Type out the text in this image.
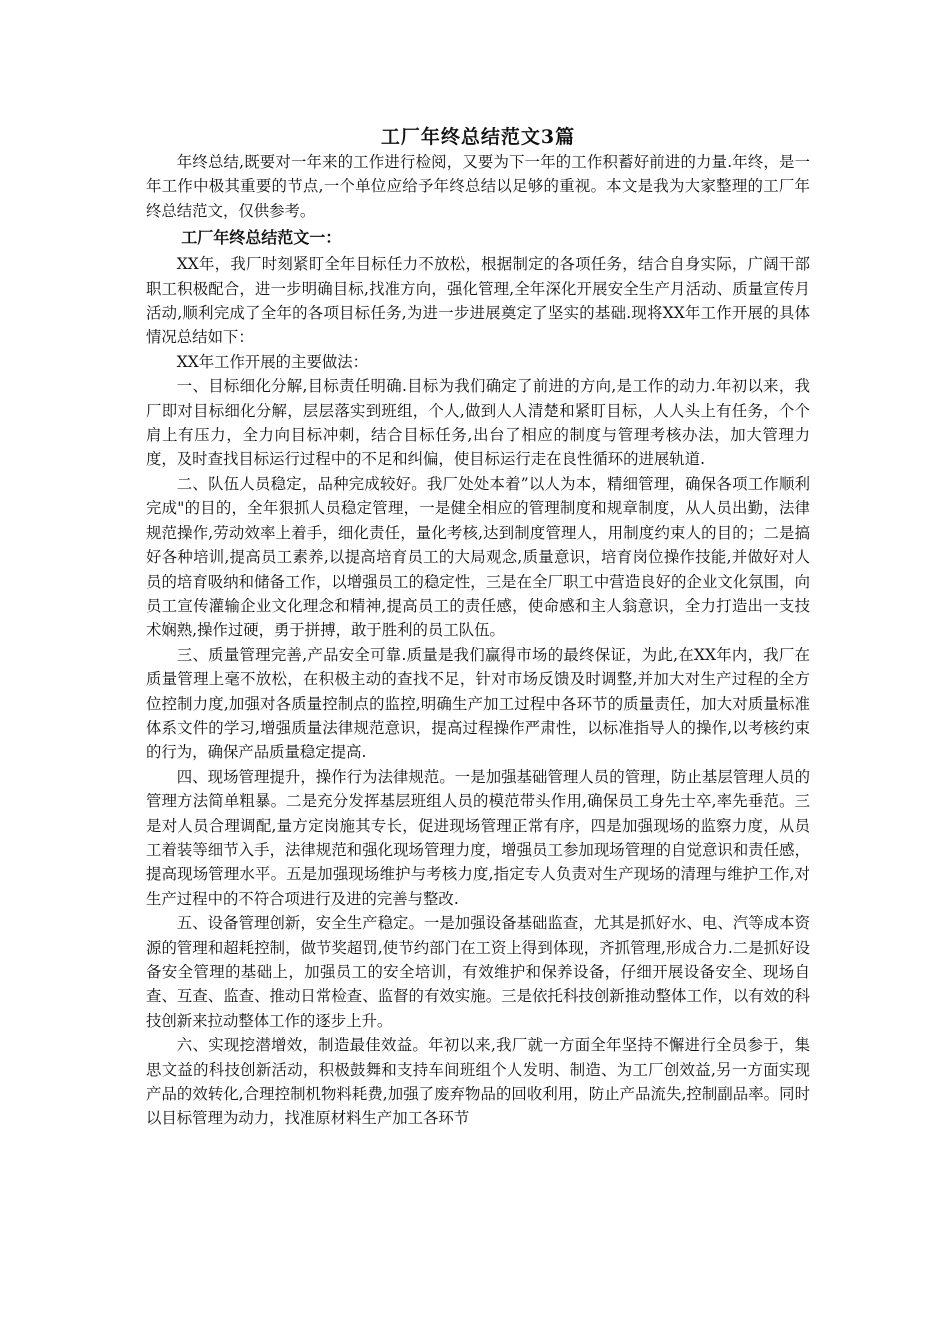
工厂年终总结范文3篇

年终总结,既要对一年来的工作进行检阅，又要为下一年的工作积蓄好前进的力量.年终，是一年工作中极其重要的节点,一个单位应给予年终总结以足够的重视。本文是我为大家整理的工厂年终总结范文，仅供参考。

工厂年终总结范文一：

XX年，我厂时刻紧盯全年目标任力不放松，根据制定的各项任务，结合自身实际，广阔干部职工积极配合，进一步明确目标,找准方向，强化管理,全年深化开展安全生产月活动、质量宣传月活动,顺利完成了全年的各项目标任务,为进一步进展奠定了坚实的基础.现将XX年工作开展的具体情况总结如下：

XX年工作开展的主要做法：

一、目标细化分解,目标责任明确.目标为我们确定了前进的方向,是工作的动力.年初以来，我厂即对目标细化分解，层层落实到班组，个人,做到人人清楚和紧盯目标，人人头上有任务，个个肩上有压力，全力向目标冲刺，结合目标任务,出台了相应的制度与管理考核办法，加大管理力度，及时查找目标运行过程中的不足和纠偏，使目标运行走在良性循环的进展轨道.

二、队伍人员稳定，品种完成较好。我厂处处本着”以人为本，精细管理，确保各项工作顺利完成"的目的，全年狠抓人员稳定管理，一是健全相应的管理制度和规章制度，从人员出勤，法律规范操作,劳动效率上着手，细化责任，量化考核,达到制度管理人，用制度约束人的目的；二是搞好各种培训,提高员工素养,以提高培育员工的大局观念,质量意识，培育岗位操作技能,并做好对人员的培育吸纳和储备工作，以增强员工的稳定性，三是在全厂职工中营造良好的企业文化氛围，向员工宣传灌输企业文化理念和精神,提高员工的责任感，使命感和主人翁意识，全力打造出一支技术娴熟,操作过硬，勇于拼搏，敢于胜利的员工队伍。

三、质量管理完善,产品安全可靠.质量是我们赢得市场的最终保证，为此,在XX年内，我厂在质量管理上毫不放松，在积极主动的查找不足，针对市场反馈及时调整,并加大对生产过程的全方位控制力度,加强对各质量控制点的监控,明确生产加工过程中各环节的质量责任，加大对质量标准体系文件的学习,增强质量法律规范意识，提高过程操作严肃性，以标准指导人的操作,以考核约束的行为，确保产品质量稳定提高.

四、现场管理提升，操作行为法律规范。一是加强基础管理人员的管理，防止基层管理人员的管理方法简单粗暴。二是充分发挥基层班组人员的模范带头作用,确保员工身先士卒,率先垂范。三是对人员合理调配,量方定岗施其专长，促进现场管理正常有序，四是加强现场的监察力度，从员工着装等细节入手，法律规范和强化现场管理力度，增强员工参加现场管理的自觉意识和责任感，提高现场管理水平。五是加强现场维护与考核力度,指定专人负责对生产现场的清理与维护工作,对生产过程中的不符合项进行及进的完善与整改.

五、设备管理创新，安全生产稳定。一是加强设备基础监查，尤其是抓好水、电、汽等成本资源的管理和超耗控制，做节奖超罚,使节约部门在工资上得到体现，齐抓管理,形成合力.二是抓好设备安全管理的基础上，加强员工的安全培训，有效维护和保养设备，仔细开展设备安全、现场自查、互查、监查、推动日常检查、监督的有效实施。三是依托科技创新推动整体工作，以有效的科技创新来拉动整体工作的逐步上升。

六、实现挖潜增效，制造最佳效益。年初以来,我厂就一方面全年坚持不懈进行全员参于，集思文益的科技创新活动，积极鼓舞和支持车间班组个人发明、制造、为工厂创效益,另一方面实现产品的效转化,合理控制机物料耗费,加强了废弃物品的回收利用，防止产品流失,控制副品率。同时以目标管理为动力，找准原材料生产加工各环节
